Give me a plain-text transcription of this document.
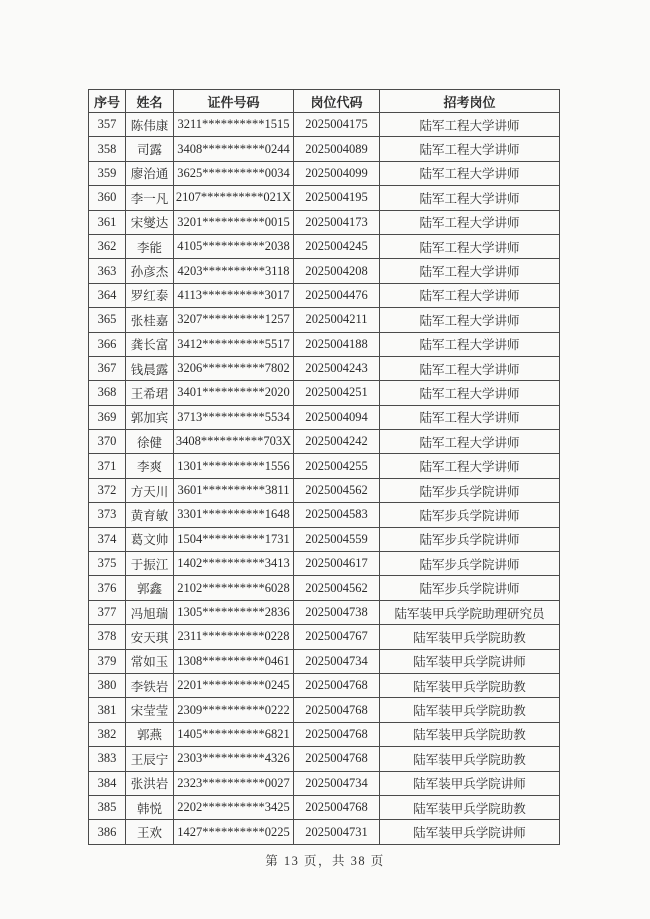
序号	姓名	证件号码	岗位代码	招考岗位
357	陈伟康	3211**********1515	2025004175	陆军工程大学讲师
358	司露	3408**********0244	2025004089	陆军工程大学讲师
359	廖治通	3625**********0034	2025004099	陆军工程大学讲师
360	李一凡	2107**********021X	2025004195	陆军工程大学讲师
361	宋燮达	3201**********0015	2025004173	陆军工程大学讲师
362	李能	4105**********2038	2025004245	陆军工程大学讲师
363	孙彦杰	4203**********3118	2025004208	陆军工程大学讲师
364	罗红泰	4113**********3017	2025004476	陆军工程大学讲师
365	张桂嘉	3207**********1257	2025004211	陆军工程大学讲师
366	龚长富	3412**********5517	2025004188	陆军工程大学讲师
367	钱晨露	3206**********7802	2025004243	陆军工程大学讲师
368	王希珺	3401**********2020	2025004251	陆军工程大学讲师
369	郭加宾	3713**********5534	2025004094	陆军工程大学讲师
370	徐健	3408**********703X	2025004242	陆军工程大学讲师
371	李爽	1301**********1556	2025004255	陆军工程大学讲师
372	方天川	3601**********3811	2025004562	陆军步兵学院讲师
373	黄育敏	3301**********1648	2025004583	陆军步兵学院讲师
374	葛文帅	1504**********1731	2025004559	陆军步兵学院讲师
375	于振江	1402**********3413	2025004617	陆军步兵学院讲师
376	郭鑫	2102**********6028	2025004562	陆军步兵学院讲师
377	冯旭瑞	1305**********2836	2025004738	陆军装甲兵学院助理研究员
378	安天琪	2311**********0228	2025004767	陆军装甲兵学院助教
379	常如玉	1308**********0461	2025004734	陆军装甲兵学院讲师
380	李铁岩	2201**********0245	2025004768	陆军装甲兵学院助教
381	宋莹莹	2309**********0222	2025004768	陆军装甲兵学院助教
382	郭燕	1405**********6821	2025004768	陆军装甲兵学院助教
383	王辰宁	2303**********4326	2025004768	陆军装甲兵学院助教
384	张洪岩	2323**********0027	2025004734	陆军装甲兵学院讲师
385	韩悦	2202**********3425	2025004768	陆军装甲兵学院助教
386	王欢	1427**********0225	2025004731	陆军装甲兵学院讲师
第 13 页，共 38 页
